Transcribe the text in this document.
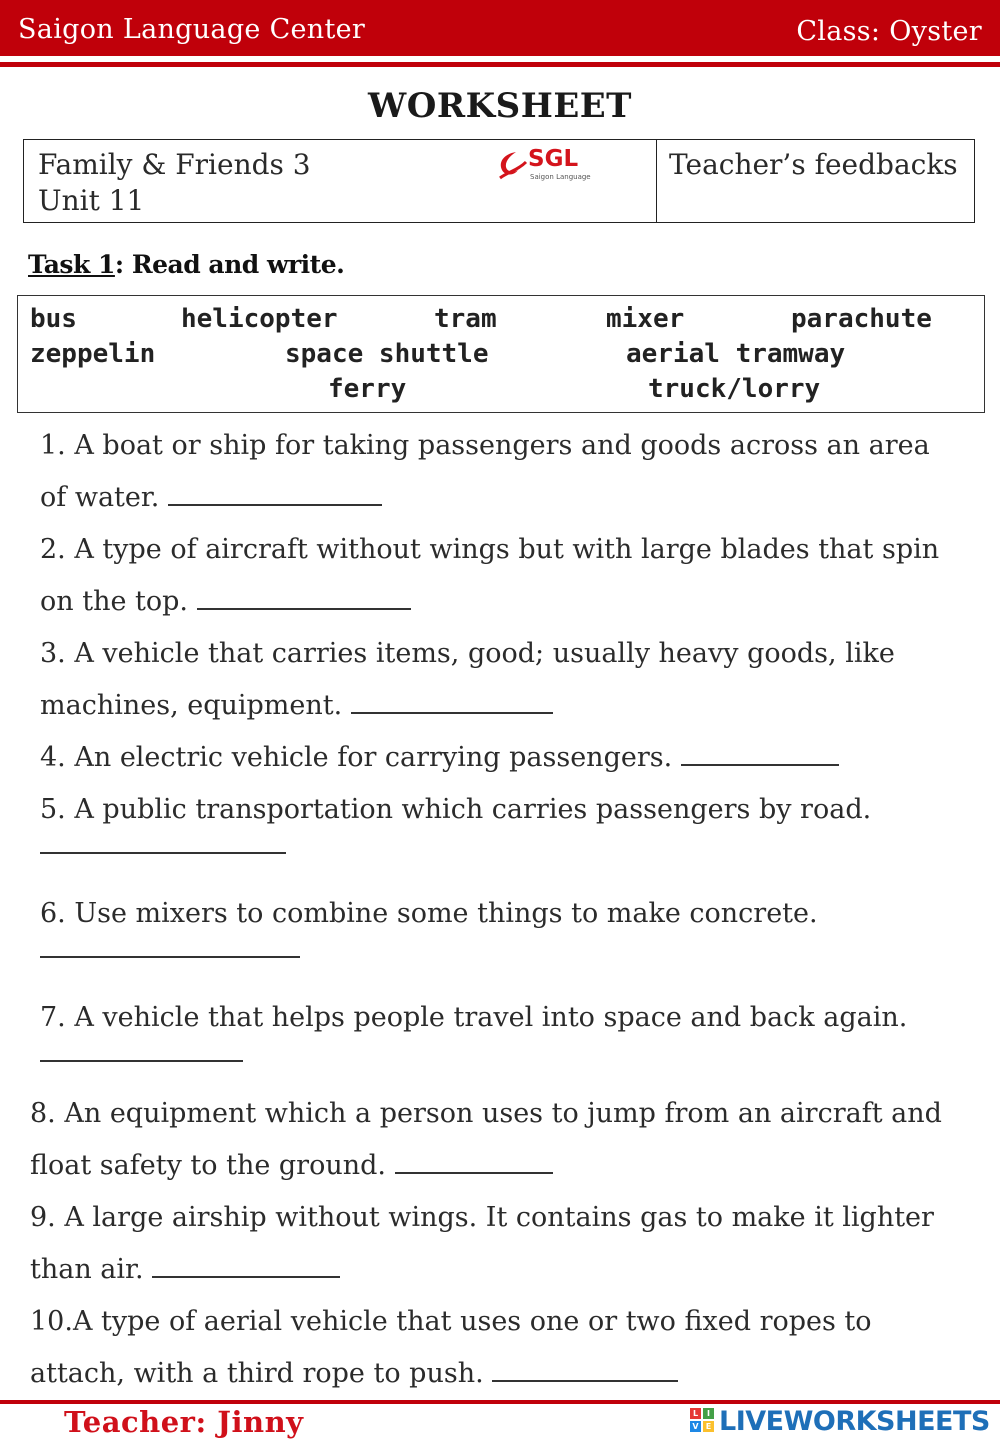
Saigon Language Center	Class: Oyster
WORKSHEET
Family & Friends 3
Unit 11
SGL
Saigon Language	Teacher’s feedbacks
Task 1: Read and write.
bus	helicopter	tram	mixer	parachute
zeppelin	space shuttle	aerial tramway
ferry	truck/lorry
1. A boat or ship for taking passengers and goods across an area
of water.
2. A type of aircraft without wings but with large blades that spin
on the top.
3. A vehicle that carries items, good; usually heavy goods, like
machines, equipment.
4. An electric vehicle for carrying passengers.
5. A public transportation which carries passengers by road.
6. Use mixers to combine some things to make concrete.
7. A vehicle that helps people travel into space and back again.
8. An equipment which a person uses to jump from an aircraft and
float safety to the ground.
9. A large airship without wings. It contains gas to make it lighter
than air.
10.A type of aerial vehicle that uses one or two fixed ropes to
attach, with a third rope to push.
Teacher: Jinny	L	I
V E LIVEWORKSHEETS
